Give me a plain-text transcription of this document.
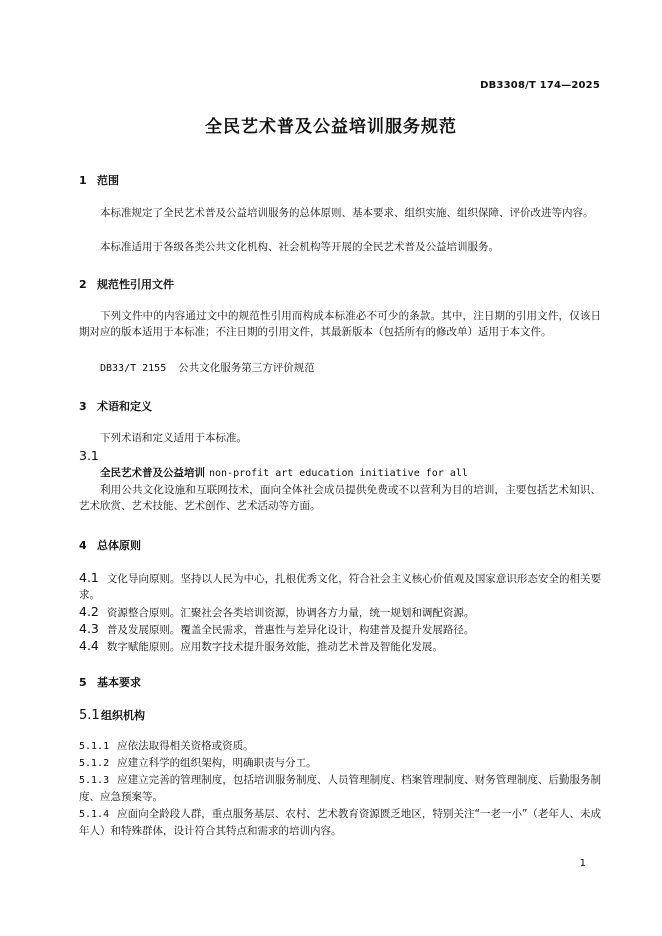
DB3308/T 174—2025
全民艺术普及公益培训服务规范
1 范围
本标准规定了全民艺术普及公益培训服务的总体原则、基本要求、组织实施、组织保障、评价改进等内容。
本标准适用于各级各类公共文化机构、社会机构等开展的全民艺术普及公益培训服务。
2 规范性引用文件
下列文件中的内容通过文中的规范性引用而构成本标准必不可少的条款。其中，注日期的引用文件，仅该日期对应的版本适用于本标准；不注日期的引用文件，其最新版本（包括所有的修改单）适用于本文件。
DB33/T 2155 公共文化服务第三方评价规范
3 术语和定义
下列术语和定义适用于本标准。
3.1
全民艺术普及公益培训 non-profit art education initiative for all
利用公共文化设施和互联网技术，面向全体社会成员提供免费或不以营利为目的培训，主要包括艺术知识、艺术欣赏、艺术技能、艺术创作、艺术活动等方面。
4 总体原则
4.1 文化导向原则。坚持以人民为中心，扎根优秀文化，符合社会主义核心价值观及国家意识形态安全的相关要求。
4.2 资源整合原则。汇聚社会各类培训资源，协调各方力量，统一规划和调配资源。
4.3 普及发展原则。覆盖全民需求，普惠性与差异化设计，构建普及提升发展路径。
4.4 数字赋能原则。应用数字技术提升服务效能，推动艺术普及智能化发展。
5 基本要求
5.1组织机构
5.1.1 应依法取得相关资格或资质。
5.1.2 应建立科学的组织架构，明确职责与分工。
5.1.3 应建立完善的管理制度，包括培训服务制度、人员管理制度、档案管理制度、财务管理制度、后勤服务制度、应急预案等。
5.1.4 应面向全龄段人群，重点服务基层、农村、艺术教育资源匮乏地区，特别关注“一老一小”（老年人、未成年人）和特殊群体，设计符合其特点和需求的培训内容。
1
